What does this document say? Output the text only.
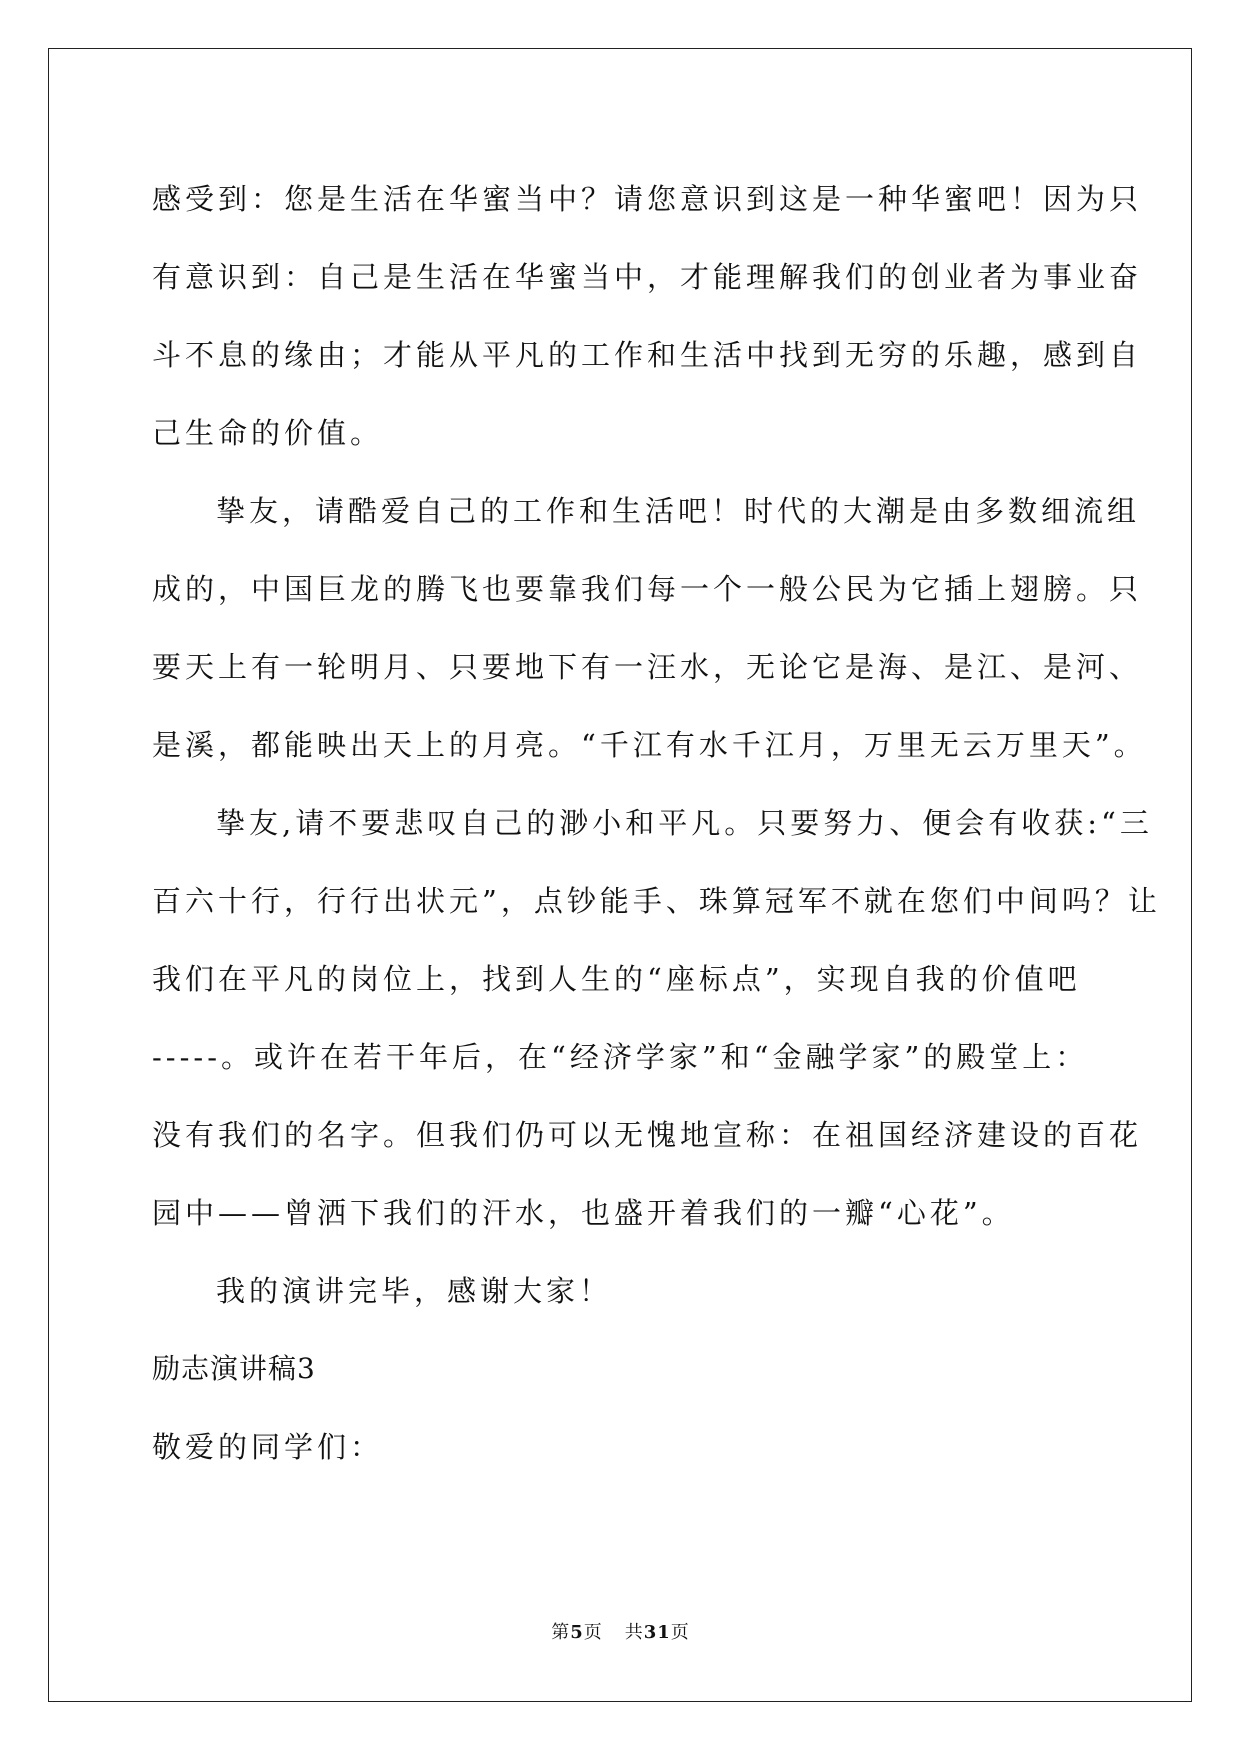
感受到：您是生活在华蜜当中？请您意识到这是一种华蜜吧！因为只
有意识到：自己是生活在华蜜当中，才能理解我们的创业者为事业奋
斗不息的缘由；才能从平凡的工作和生活中找到无穷的乐趣，感到自
己生命的价值。
挚友，请酷爱自己的工作和生活吧！时代的大潮是由多数细流组
成的，中国巨龙的腾飞也要靠我们每一个一般公民为它插上翅膀。只
要天上有一轮明月、只要地下有一汪水，无论它是海、是江、是河、
是溪，都能映出天上的月亮。“千江有水千江月，万里无云万里天”。
挚友,请不要悲叹自己的渺小和平凡。只要努力、便会有收获:“三
百六十行，行行出状元”，点钞能手、珠算冠军不就在您们中间吗？让
我们在平凡的岗位上，找到人生的“座标点”，实现自我的价值吧
-----。或许在若干年后，在“经济学家”和“金融学家”的殿堂上：
没有我们的名字。但我们仍可以无愧地宣称：在祖国经济建设的百花
园中——曾洒下我们的汗水，也盛开着我们的一瓣“心花”。
我的演讲完毕，感谢大家！
励志演讲稿3
敬爱的同学们：
第5页 共31页
